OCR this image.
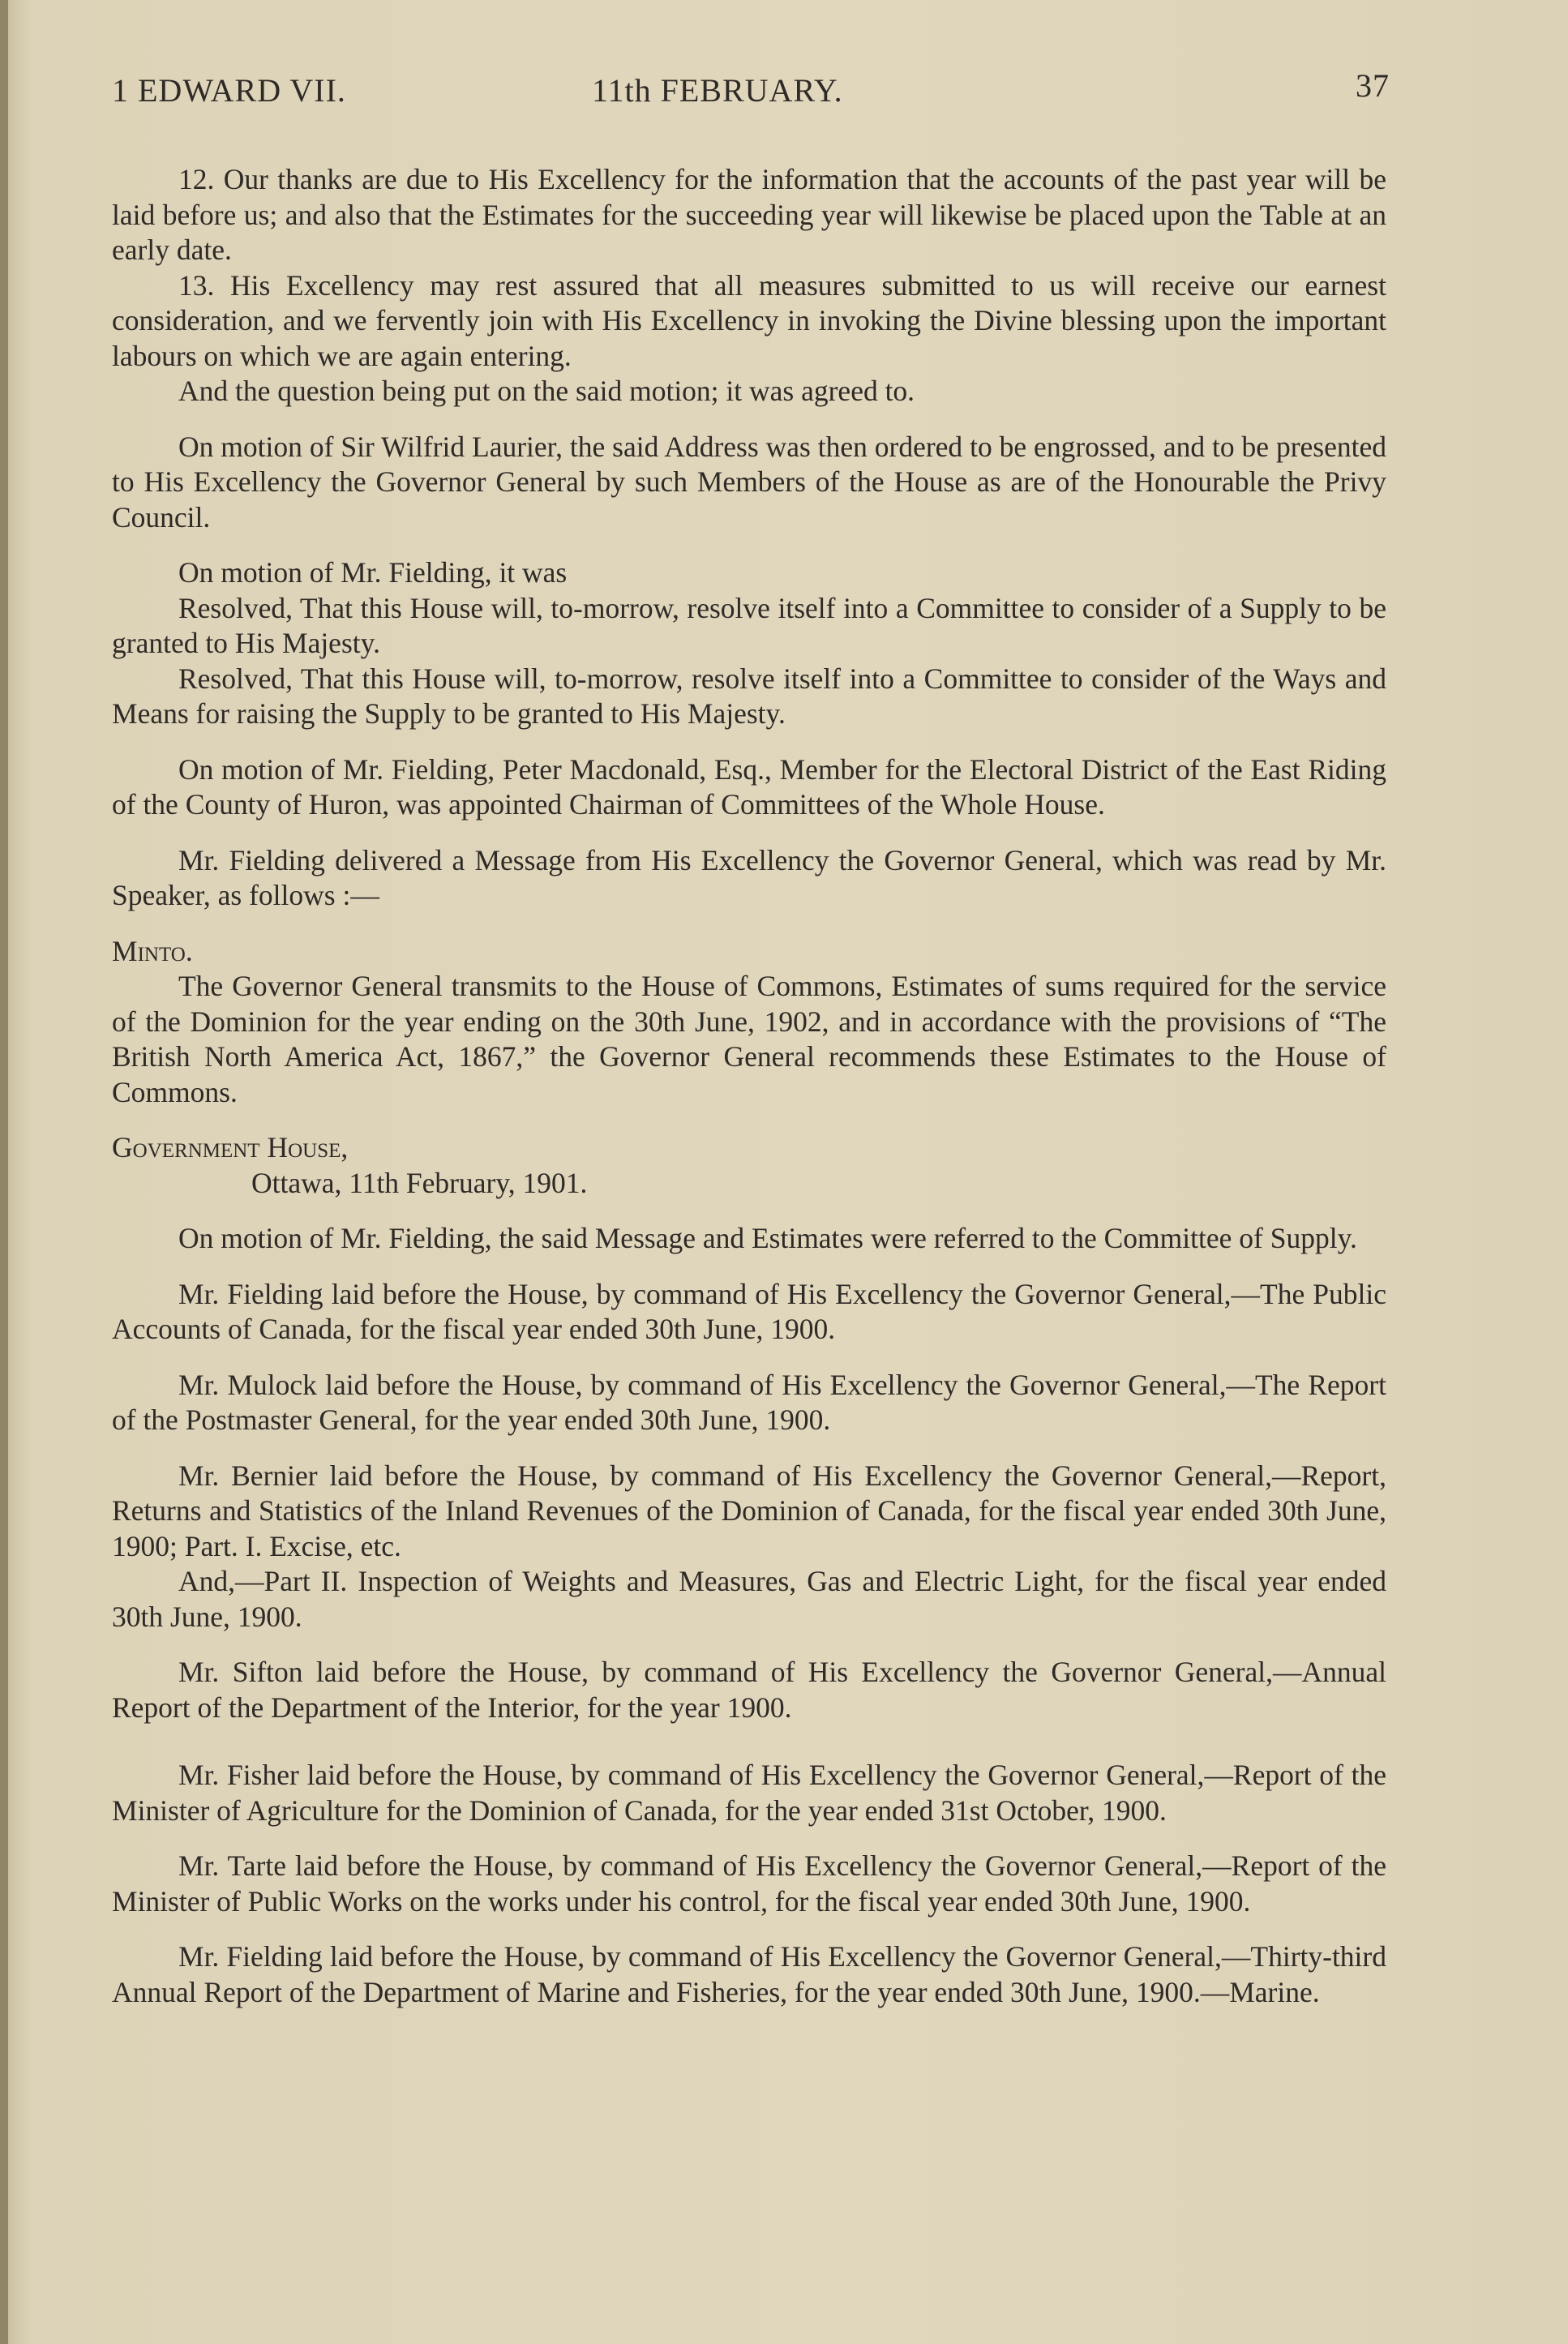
1 EDWARD VII.	11th FEBRUARY.	37

12. Our thanks are due to His Excellency for the information that the accounts of the past year will be laid before us; and also that the Estimates for the succeeding year will likewise be placed upon the Table at an early date.

13. His Excellency may rest assured that all measures submitted to us will receive our earnest consideration, and we fervently join with His Excellency in invoking the Divine blessing upon the important labours on which we are again entering.

And the question being put on the said motion; it was agreed to.

On motion of Sir Wilfrid Laurier, the said Address was then ordered to be engrossed, and to be presented to His Excellency the Governor General by such Members of the House as are of the Honourable the Privy Council.

On motion of Mr. Fielding, it was

Resolved, That this House will, to-morrow, resolve itself into a Committee to consider of a Supply to be granted to His Majesty.

Resolved, That this House will, to-morrow, resolve itself into a Committee to consider of the Ways and Means for raising the Supply to be granted to His Majesty.

On motion of Mr. Fielding, Peter Macdonald, Esq., Member for the Electoral District of the East Riding of the County of Huron, was appointed Chairman of Committees of the Whole House.

Mr. Fielding delivered a Message from His Excellency the Governor General, which was read by Mr. Speaker, as follows :—

Minto.

The Governor General transmits to the House of Commons, Estimates of sums required for the service of the Dominion for the year ending on the 30th June, 1902, and in accordance with the provisions of “The British North America Act, 1867,” the Governor General recommends these Estimates to the House of Commons.

Government House,

Ottawa, 11th February, 1901.

On motion of Mr. Fielding, the said Message and Estimates were referred to the Committee of Supply.

Mr. Fielding laid before the House, by command of His Excellency the Governor General,—The Public Accounts of Canada, for the fiscal year ended 30th June, 1900.

Mr. Mulock laid before the House, by command of His Excellency the Governor General,—The Report of the Postmaster General, for the year ended 30th June, 1900.

Mr. Bernier laid before the House, by command of His Excellency the Governor General,—Report, Returns and Statistics of the Inland Revenues of the Dominion of Canada, for the fiscal year ended 30th June, 1900; Part. I. Excise, etc.

And,—Part II. Inspection of Weights and Measures, Gas and Electric Light, for the fiscal year ended 30th June, 1900.

Mr. Sifton laid before the House, by command of His Excellency the Governor General,—Annual Report of the Department of the Interior, for the year 1900.

Mr. Fisher laid before the House, by command of His Excellency the Governor General,—Report of the Minister of Agriculture for the Dominion of Canada, for the year ended 31st October, 1900.

Mr. Tarte laid before the House, by command of His Excellency the Governor General,—Report of the Minister of Public Works on the works under his control, for the fiscal year ended 30th June, 1900.

Mr. Fielding laid before the House, by command of His Excellency the Governor General,—Thirty-third Annual Report of the Department of Marine and Fisheries, for the year ended 30th June, 1900.—Marine.
